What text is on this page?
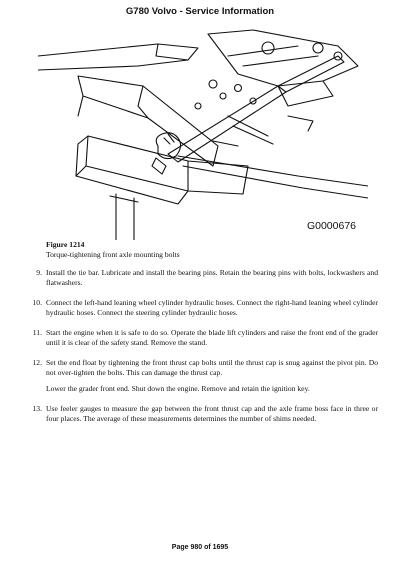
G780 Volvo - Service Information
G0000676
Figure 1214
Torque-tightening front axle mounting bolts
9. Install the tie bar. Lubricate and install the bearing pins. Retain the bearing pins with bolts, lockwashers and flatwashers.

10. Connect the left-hand leaning wheel cylinder hydraulic hoses. Connect the right-hand leaning wheel cylinder hydraulic hoses. Connect the steering cylinder hydraulic hoses.

11. Start the engine when it is safe to do so. Operate the blade lift cylinders and raise the front end of the grader until it is clear of the safety stand. Remove the stand.

12. Set the end float by tightening the front thrust cap bolts until the thrust cap is snug against the pivot pin. Do not over-tighten the bolts. This can damage the thrust cap.

Lower the grader front end. Shut down the engine. Remove and retain the ignition key.

13. Use feeler gauges to measure the gap between the front thrust cap and the axle frame boss face in three or four places. The average of these measurements determines the number of shims needed.

Page 980 of 1695
